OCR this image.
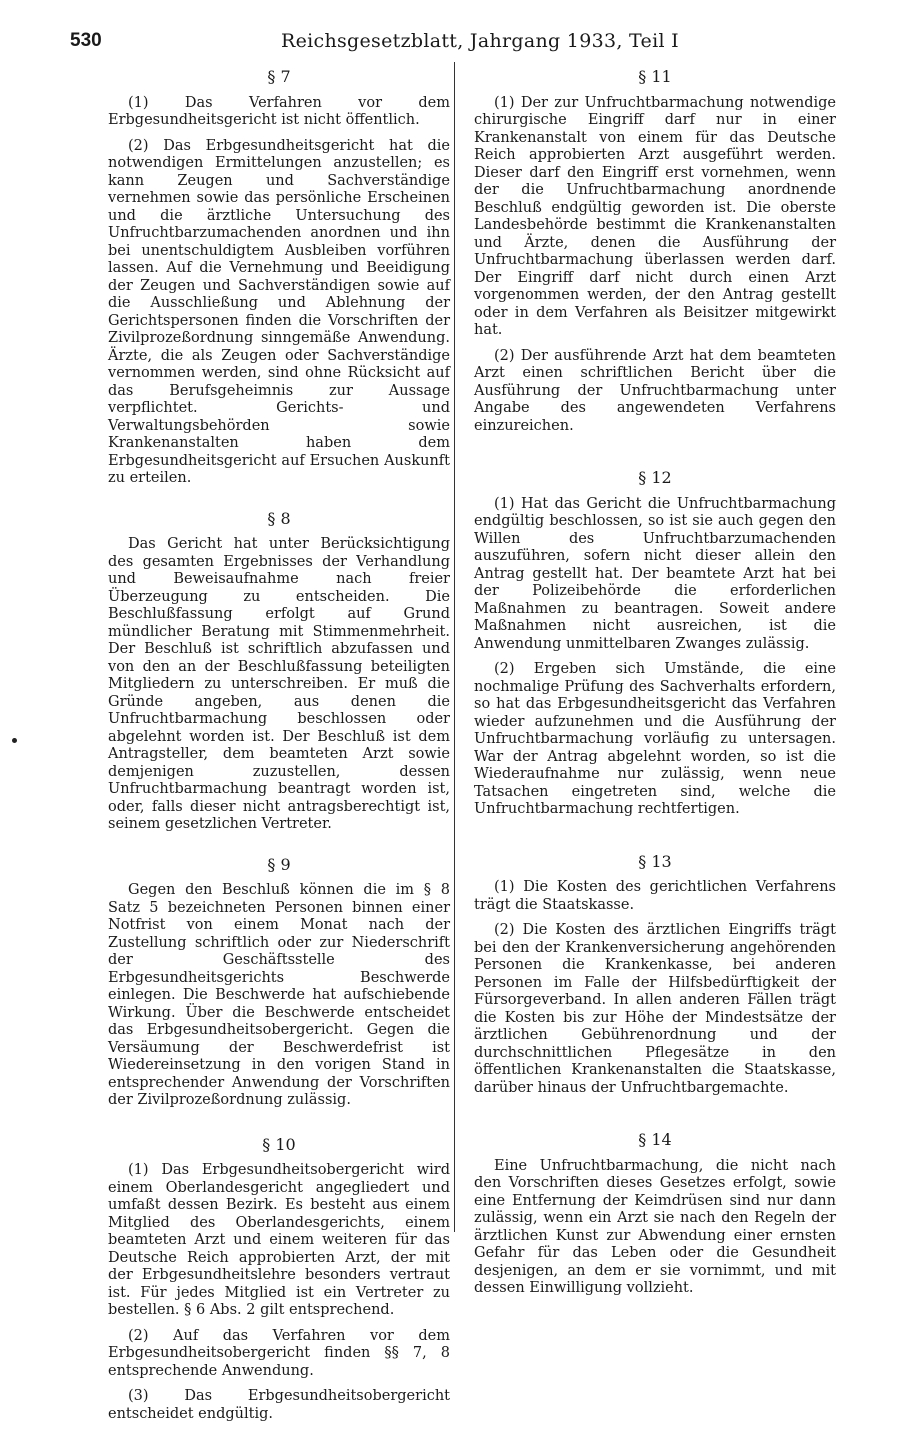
530	Reichsgesetzblatt, Jahrgang 1933, Teil I
§ 7

(1) Das Verfahren vor dem Erbgesundheitsgericht ist nicht öffentlich.

(2) Das Erbgesundheitsgericht hat die notwendigen Ermittelungen anzustellen; es kann Zeugen und Sachverständige vernehmen sowie das persönliche Erscheinen und die ärztliche Untersuchung des Unfruchtbarzumachenden anordnen und ihn bei unentschuldigtem Ausbleiben vorführen lassen. Auf die Vernehmung und Beeidigung der Zeugen und Sachverständigen sowie auf die Ausschließung und Ablehnung der Gerichtspersonen finden die Vorschriften der Zivilprozeßordnung sinngemäße Anwendung. Ärzte, die als Zeugen oder Sachverständige vernommen werden, sind ohne Rücksicht auf das Berufsgeheimnis zur Aussage verpflichtet. Gerichts- und Verwaltungsbehörden sowie Krankenanstalten haben dem Erbgesundheitsgericht auf Ersuchen Auskunft zu erteilen.

§ 8

Das Gericht hat unter Berücksichtigung des gesamten Ergebnisses der Verhandlung und Beweisaufnahme nach freier Überzeugung zu entscheiden. Die Beschlußfassung erfolgt auf Grund mündlicher Beratung mit Stimmenmehrheit. Der Beschluß ist schriftlich abzufassen und von den an der Beschlußfassung beteiligten Mitgliedern zu unterschreiben. Er muß die Gründe angeben, aus denen die Unfruchtbarmachung beschlossen oder abgelehnt worden ist. Der Beschluß ist dem Antragsteller, dem beamteten Arzt sowie demjenigen zuzustellen, dessen Unfruchtbarmachung beantragt worden ist, oder, falls dieser nicht antragsberechtigt ist, seinem gesetzlichen Vertreter.

§ 9

Gegen den Beschluß können die im § 8 Satz 5 bezeichneten Personen binnen einer Notfrist von einem Monat nach der Zustellung schriftlich oder zur Niederschrift der Geschäftsstelle des Erbgesundheitsgerichts Beschwerde einlegen. Die Beschwerde hat aufschiebende Wirkung. Über die Beschwerde entscheidet das Erbgesundheitsobergericht. Gegen die Versäumung der Beschwerdefrist ist Wiedereinsetzung in den vorigen Stand in entsprechender Anwendung der Vorschriften der Zivilprozeßordnung zulässig.

§ 10

(1) Das Erbgesundheitsobergericht wird einem Oberlandesgericht angegliedert und umfaßt dessen Bezirk. Es besteht aus einem Mitglied des Oberlandesgerichts, einem beamteten Arzt und einem weiteren für das Deutsche Reich approbierten Arzt, der mit der Erbgesundheitslehre besonders vertraut ist. Für jedes Mitglied ist ein Vertreter zu bestellen. § 6 Abs. 2 gilt entsprechend.

(2) Auf das Verfahren vor dem Erbgesundheitsobergericht finden §§ 7, 8 entsprechende Anwendung.

(3) Das Erbgesundheitsobergericht entscheidet endgültig.

§ 11

(1) Der zur Unfruchtbarmachung notwendige chirurgische Eingriff darf nur in einer Krankenanstalt von einem für das Deutsche Reich approbierten Arzt ausgeführt werden. Dieser darf den Eingriff erst vornehmen, wenn der die Unfruchtbarmachung anordnende Beschluß endgültig geworden ist. Die oberste Landesbehörde bestimmt die Krankenanstalten und Ärzte, denen die Ausführung der Unfruchtbarmachung überlassen werden darf. Der Eingriff darf nicht durch einen Arzt vorgenommen werden, der den Antrag gestellt oder in dem Verfahren als Beisitzer mitgewirkt hat.

(2) Der ausführende Arzt hat dem beamteten Arzt einen schriftlichen Bericht über die Ausführung der Unfruchtbarmachung unter Angabe des angewendeten Verfahrens einzureichen.

§ 12

(1) Hat das Gericht die Unfruchtbarmachung endgültig beschlossen, so ist sie auch gegen den Willen des Unfruchtbarzumachenden auszuführen, sofern nicht dieser allein den Antrag gestellt hat. Der beamtete Arzt hat bei der Polizeibehörde die erforderlichen Maßnahmen zu beantragen. Soweit andere Maßnahmen nicht ausreichen, ist die Anwendung unmittelbaren Zwanges zulässig.

(2) Ergeben sich Umstände, die eine nochmalige Prüfung des Sachverhalts erfordern, so hat das Erbgesundheitsgericht das Verfahren wieder aufzunehmen und die Ausführung der Unfruchtbarmachung vorläufig zu untersagen. War der Antrag abgelehnt worden, so ist die Wiederaufnahme nur zulässig, wenn neue Tatsachen eingetreten sind, welche die Unfruchtbarmachung rechtfertigen.

§ 13

(1) Die Kosten des gerichtlichen Verfahrens trägt die Staatskasse.

(2) Die Kosten des ärztlichen Eingriffs trägt bei den der Krankenversicherung angehörenden Personen die Krankenkasse, bei anderen Personen im Falle der Hilfsbedürftigkeit der Fürsorgeverband. In allen anderen Fällen trägt die Kosten bis zur Höhe der Mindestsätze der ärztlichen Gebührenordnung und der durchschnittlichen Pflegesätze in den öffentlichen Krankenanstalten die Staatskasse, darüber hinaus der Unfruchtbargemachte.

§ 14

Eine Unfruchtbarmachung, die nicht nach den Vorschriften dieses Gesetzes erfolgt, sowie eine Entfernung der Keimdrüsen sind nur dann zulässig, wenn ein Arzt sie nach den Regeln der ärztlichen Kunst zur Abwendung einer ernsten Gefahr für das Leben oder die Gesundheit desjenigen, an dem er sie vornimmt, und mit dessen Einwilligung vollzieht.
